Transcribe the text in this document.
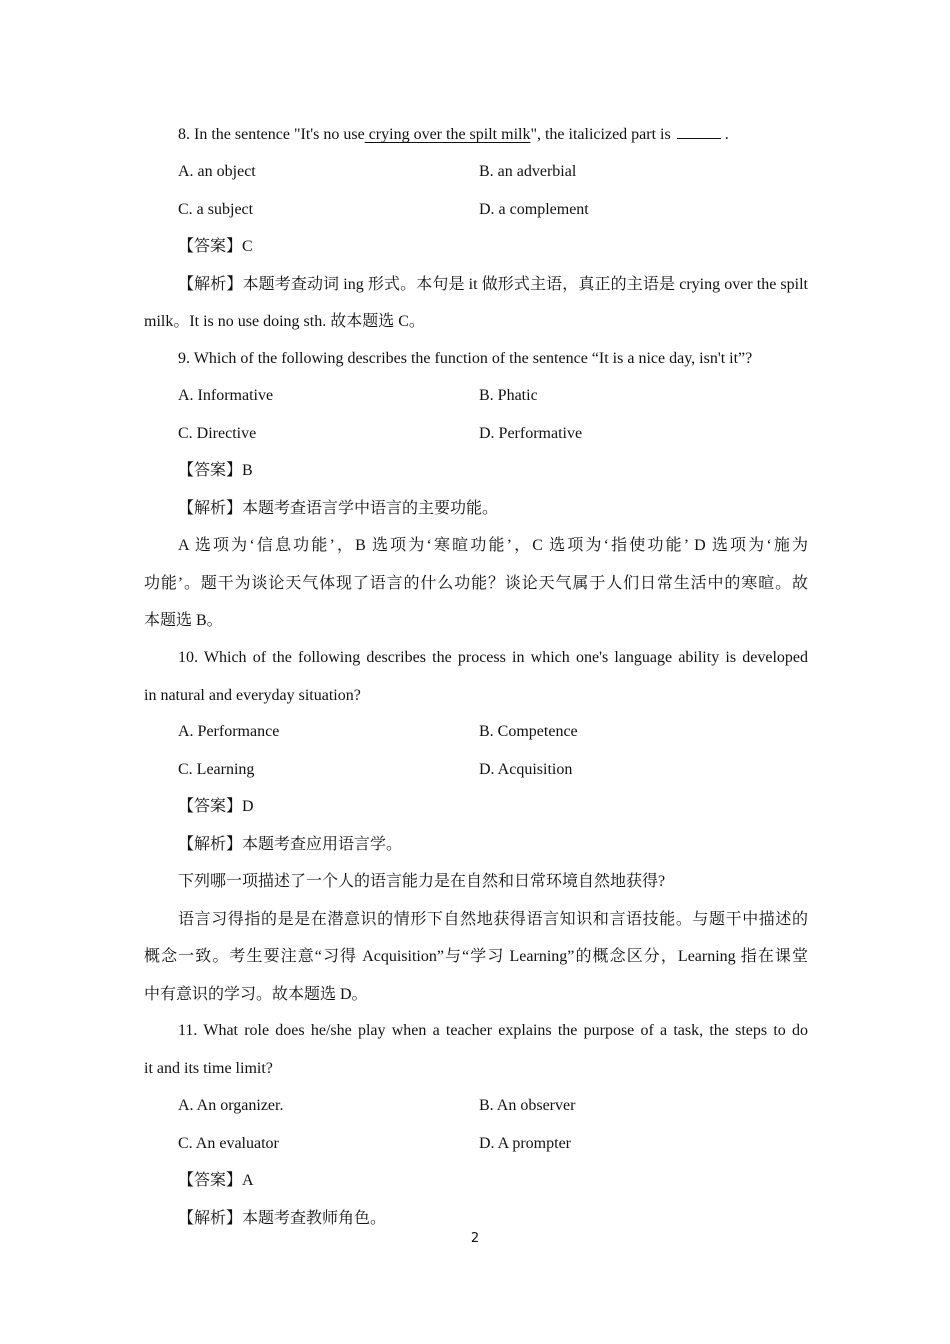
8. In the sentence "It's no use crying over the spilt milk", the italicized part is	.
A. an object	B. an adverbial
C. a subject	D. a complement
【答案】C
【解析】本题考查动词 ing 形式。本句是 it 做形式主语，真正的主语是 crying over the spilt
milk。It is no use doing sth. 故本题选 C。
9. Which of the following describes the function of the sentence “It is a nice day, isn't it”?
A. Informative	B. Phatic
C. Directive	D. Performative
【答案】B
【解析】本题考查语言学中语言的主要功能。
A 选项为‘信息功能’，B 选项为‘寒暄功能’，C 选项为‘指使功能’ D 选项为‘施为
功能’。题干为谈论天气体现了语言的什么功能？谈论天气属于人们日常生活中的寒暄。故
本题选 B。
10. Which of the following describes the process in which one's language ability is developed
in natural and everyday situation?
A. Performance	B. Competence
C. Learning	D. Acquisition
【答案】D
【解析】本题考查应用语言学。
下列哪一项描述了一个人的语言能力是在自然和日常环境自然地获得?
语言习得指的是是在潜意识的情形下自然地获得语言知识和言语技能。与题干中描述的
概念一致。考生要注意“习得 Acquisition”与“学习 Learning”的概念区分，Learning 指在课堂
中有意识的学习。故本题选 D。
11. What role does he/she play when a teacher explains the purpose of a task, the steps to do
it and its time limit?
A. An organizer.	B. An observer
C. An evaluator	D. A prompter
【答案】A
【解析】本题考查教师角色。
2
